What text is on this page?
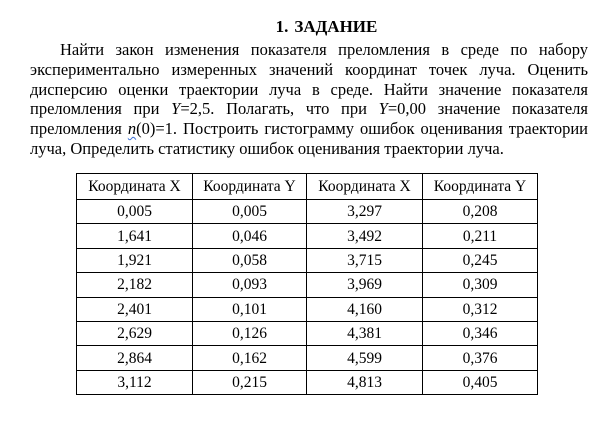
1. ЗАДАНИЕ
Найти закон изменения показателя преломления в среде по набору экспериментально измеренных значений координат точек луча. Оценить дисперсию оценки траектории луча в среде. Найти значение показателя преломления при Y=2,5. Полагать, что при Y=0,00 значение показателя преломления n(0)=1. Построить гистограмму ошибок оценивания траектории луча, Определить статистику ошибок оценивания траектории луча.
Координата X	Координата Y	Координата X	Координата Y
0,005	0,005	3,297	0,208
1,641	0,046	3,492	0,211
1,921	0,058	3,715	0,245
2,182	0,093	3,969	0,309
2,401	0,101	4,160	0,312
2,629	0,126	4,381	0,346
2,864	0,162	4,599	0,376
3,112	0,215	4,813	0,405
